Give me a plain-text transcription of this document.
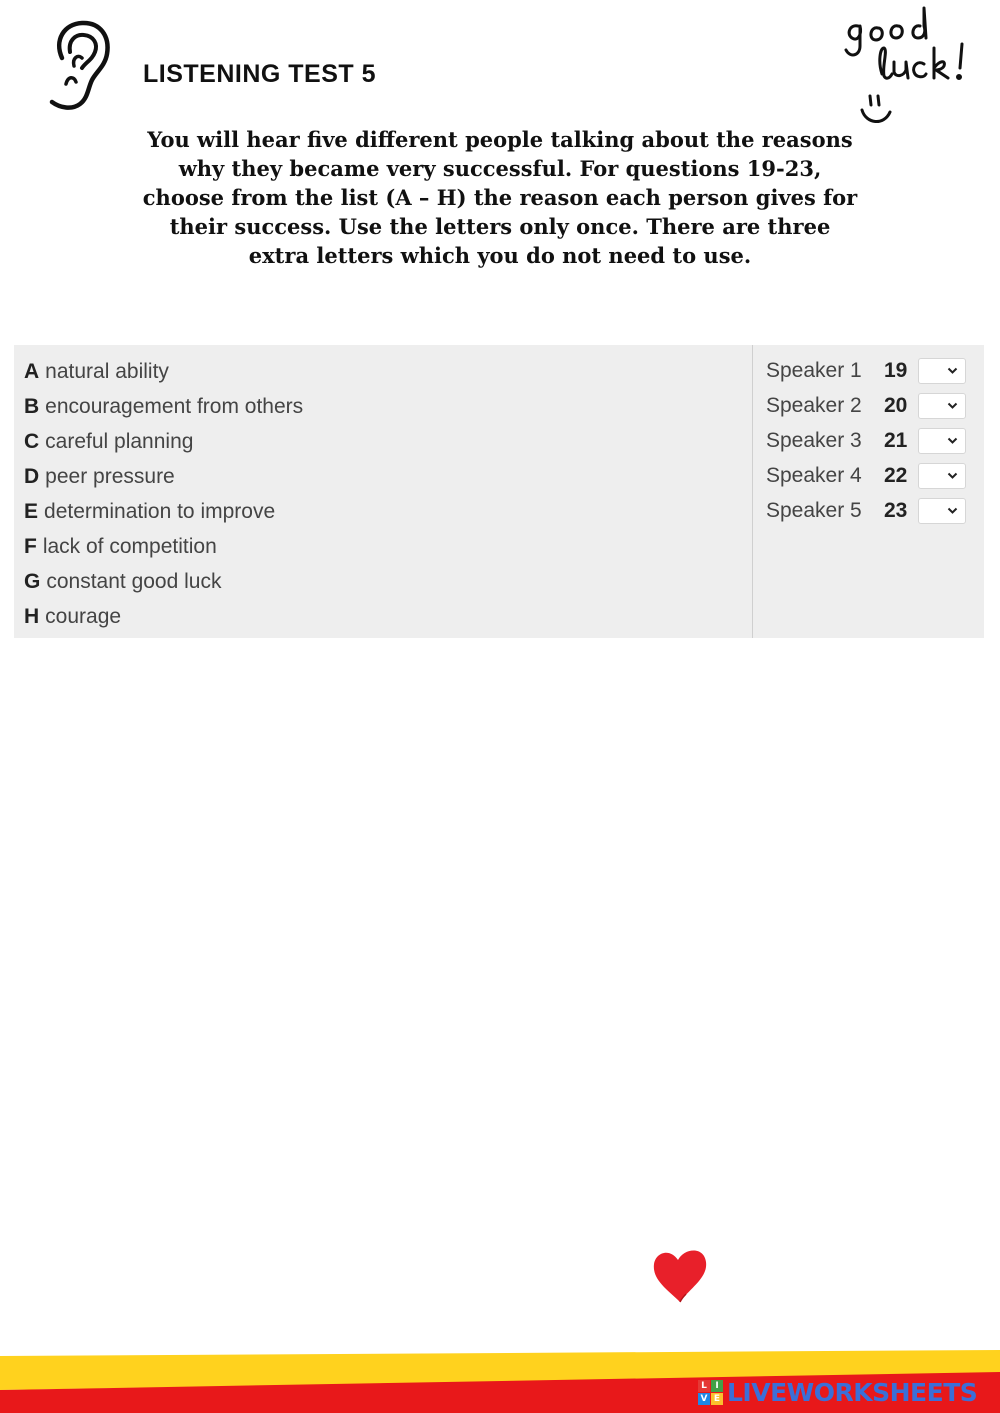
LISTENING TEST 5

You will hear five different people talking about the reasons why they became very successful. For questions 19-23, choose from the list (A – H) the reason each person gives for their success. Use the letters only once. There are three extra letters which you do not need to use.

A natural ability
B encouragement from others
C careful planning
D peer pressure
E determination to improve
F lack of competition
G constant good luck
H courage
Speaker 1	19
Speaker 2	20
Speaker 3	21
Speaker 4	22
Speaker 5	23
L I
V E LIVEWORKSHEETS
